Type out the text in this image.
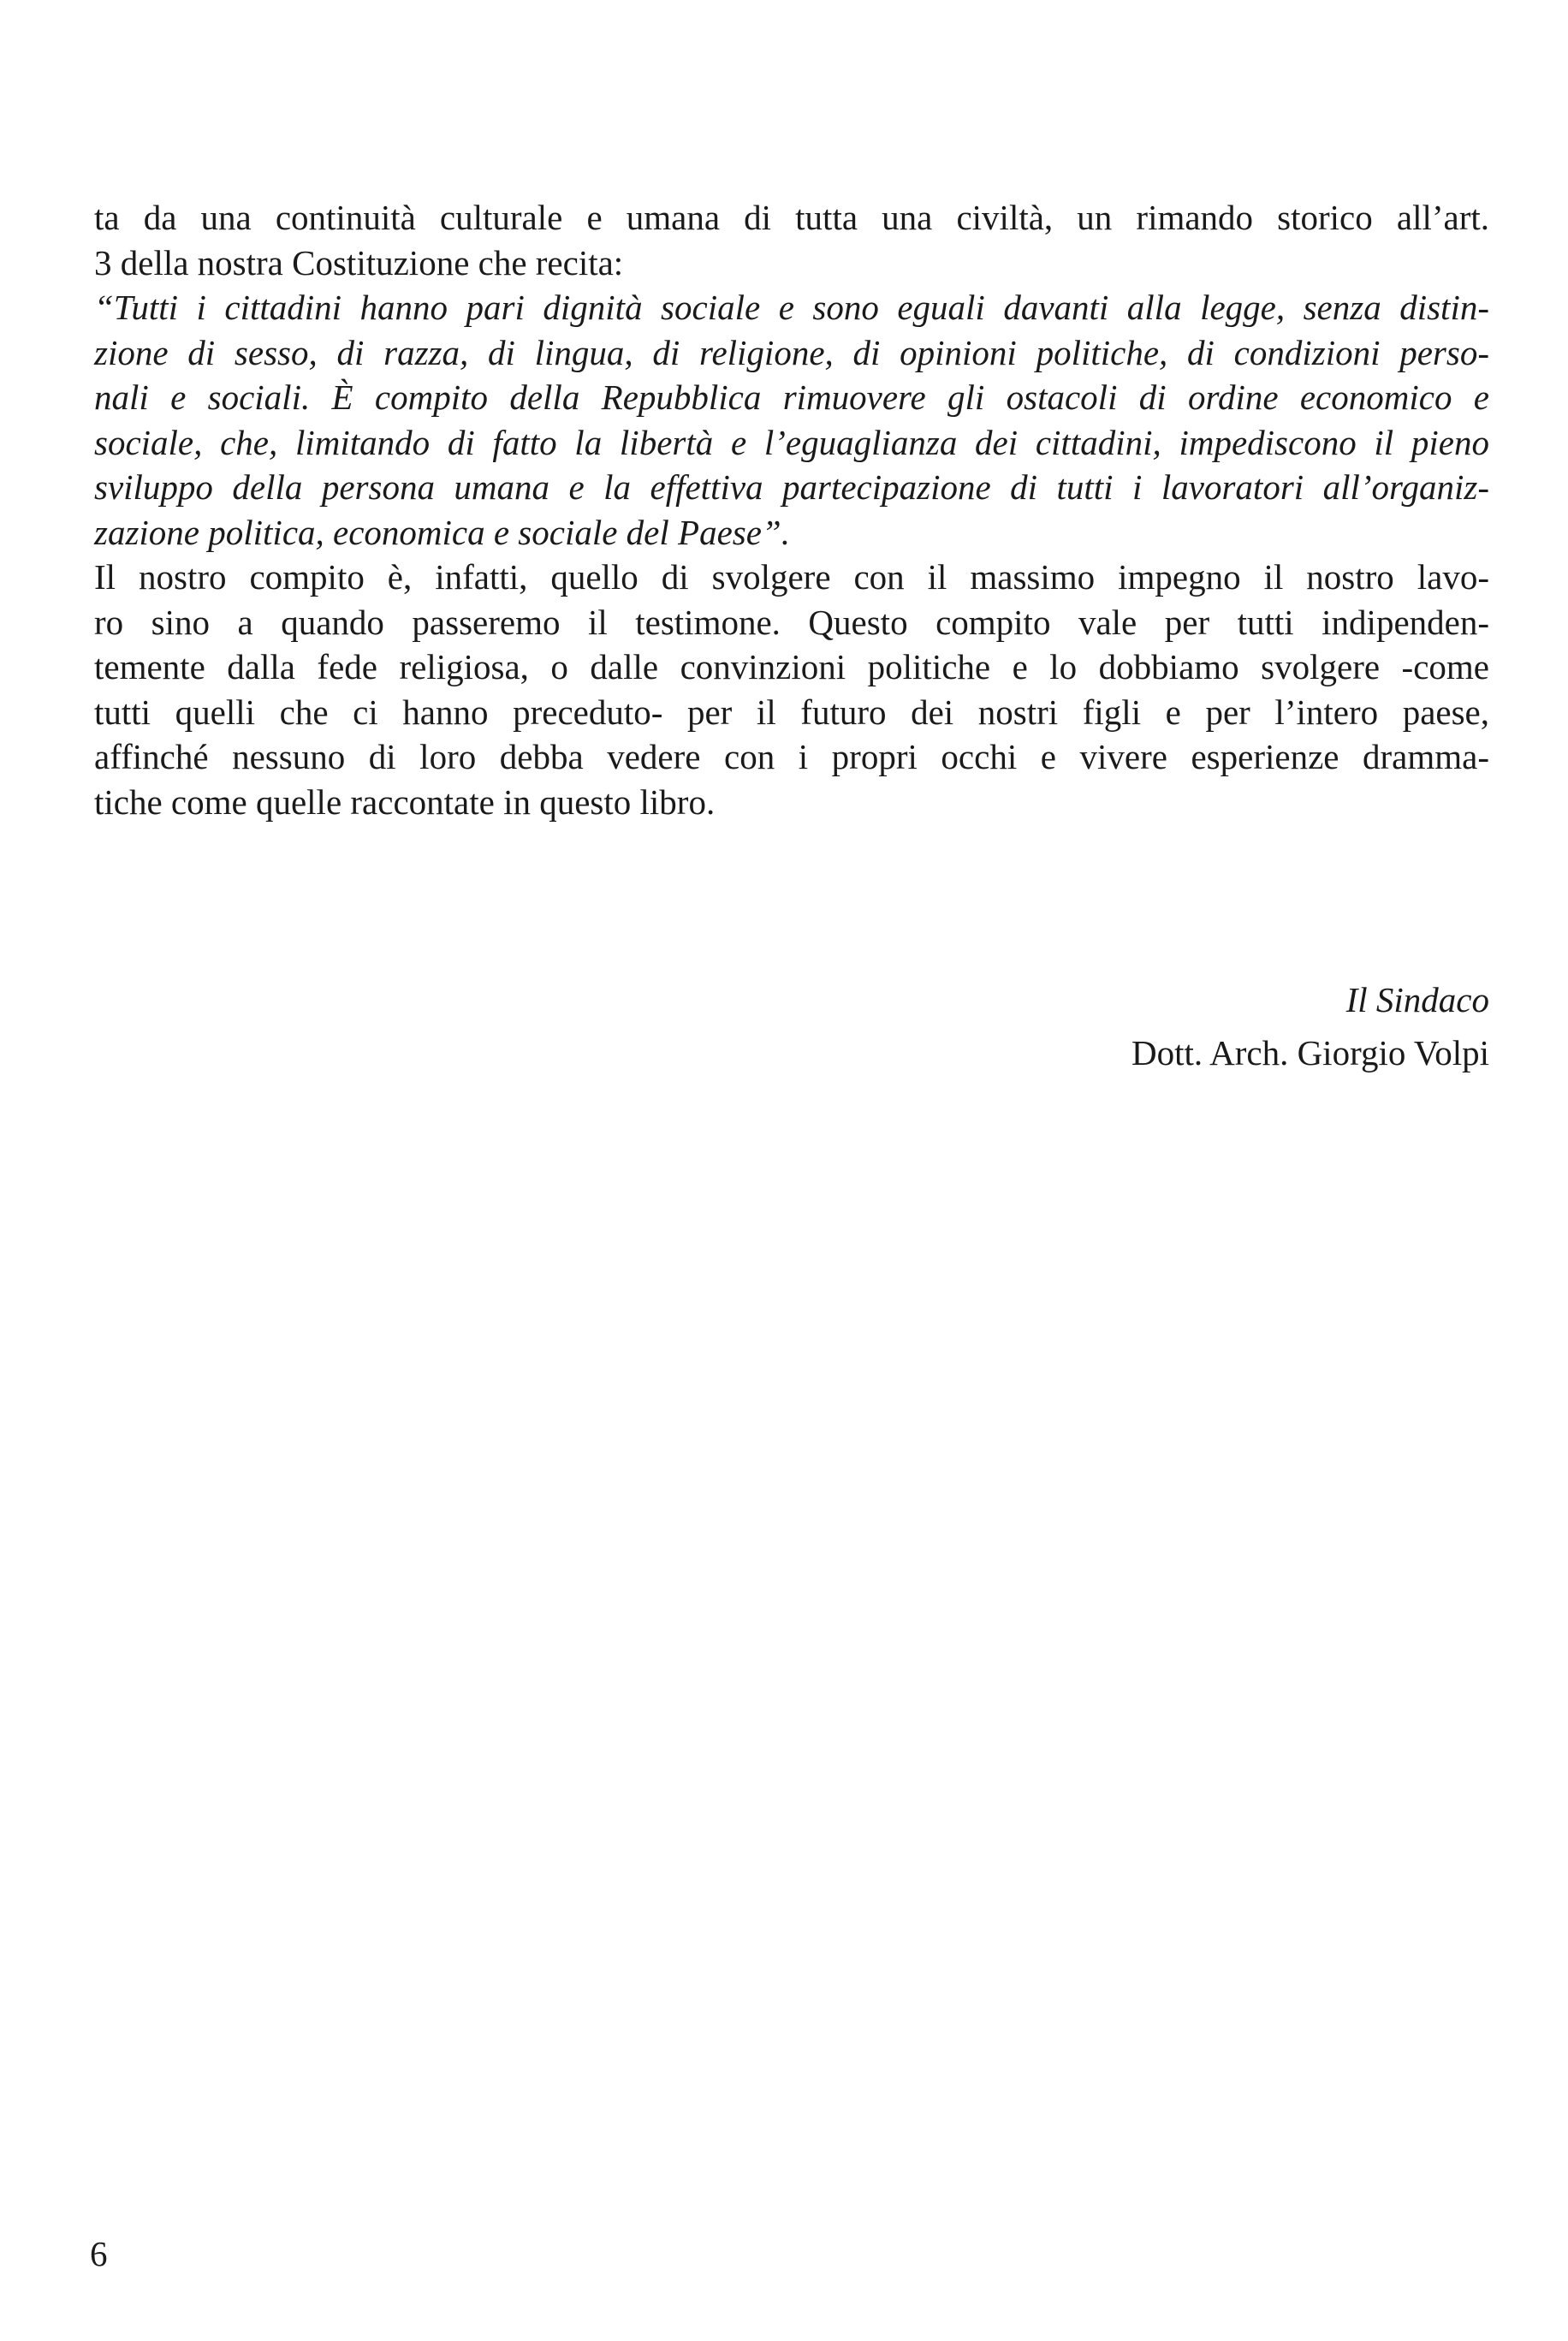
ta da una continuità culturale e umana di tutta una civiltà, un rimando storico all’art.
3 della nostra Costituzione che recita:
“Tutti i cittadini hanno pari dignità sociale e sono eguali davanti alla legge, senza distin-
zione di sesso, di razza, di lingua, di religione, di opinioni politiche, di condizioni perso-
nali e sociali. È compito della Repubblica rimuovere gli ostacoli di ordine economico e
sociale, che, limitando di fatto la libertà e l’eguaglianza dei cittadini, impediscono il pieno
sviluppo della persona umana e la effettiva partecipazione di tutti i lavoratori all’organiz-
zazione politica, economica e sociale del Paese”.
Il nostro compito è, infatti, quello di svolgere con il massimo impegno il nostro lavo-
ro sino a quando passeremo il testimone. Questo compito vale per tutti indipenden-
temente dalla fede religiosa, o dalle convinzioni politiche e lo dobbiamo svolgere -come
tutti quelli che ci hanno preceduto- per il futuro dei nostri figli e per l’intero paese,
affinché nessuno di loro debba vedere con i propri occhi e vivere esperienze dramma-
tiche come quelle raccontate in questo libro.
Il Sindaco
Dott. Arch. Giorgio Volpi
6
